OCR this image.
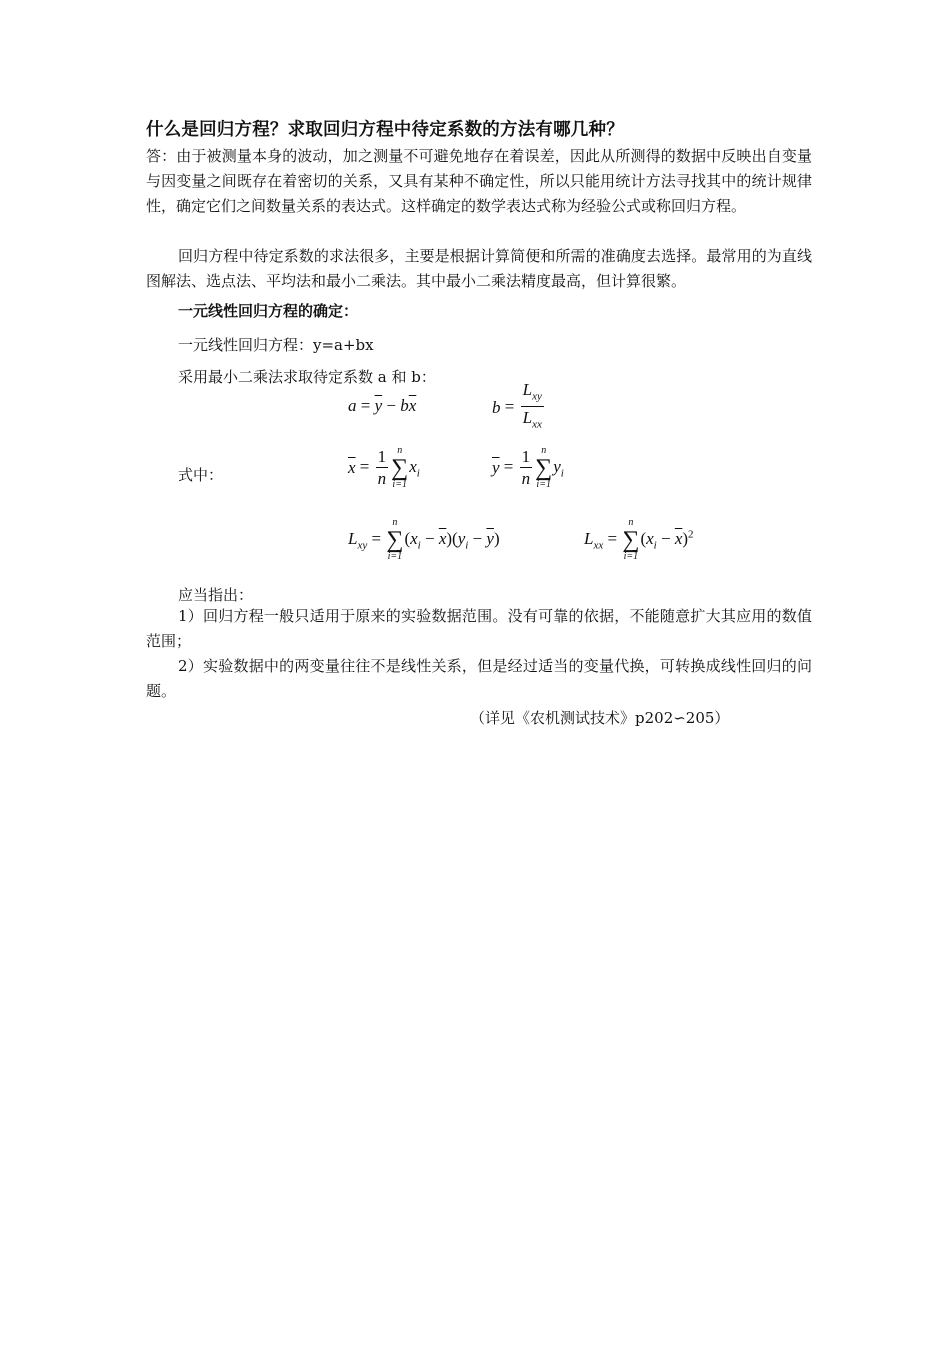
什么是回归方程？求取回归方程中待定系数的方法有哪几种？
答：由于被测量本身的波动，加之测量不可避免地存在着误差，因此从所测得的数据中反映出自变量与因变量之间既存在着密切的关系，又具有某种不确定性，所以只能用统计方法寻找其中的统计规律性，确定它们之间数量关系的表达式。这样确定的数学表达式称为经验公式或称回归方程。
回归方程中待定系数的求法很多，主要是根据计算简便和所需的准确度去选择。最常用的为直线图解法、选点法、平均法和最小二乘法。其中最小二乘法精度最高，但计算很繁。
一元线性回归方程的确定：
一元线性回归方程：y=a+bx
采用最小二乘法求取待定系数 a 和 b：
$a = \overline{y} - b\overline{x}$	$b = \frac{L_{xy}}{L_{xx}}$
式中：	$\overline{x} = \frac{1}{n}$ n
∑
i=1
$x_i$	$\overline{y} = \frac{1}{n}$ n
∑
i=1
$y_i$
$L_{xy}$ =
n
∑
i=1
$(x_i - \overline{x})(y_i - \overline{y})$	$L_{xx}$ =
n
∑
i=1
$(x_i - \overline{x})^2$
应当指出：
1）回归方程一般只适用于原来的实验数据范围。没有可靠的依据，不能随意扩大其应用的数值范围；
2）实验数据中的两变量往往不是线性关系，但是经过适当的变量代换，可转换成线性回归的问题。
（详见《农机测试技术》p202∽205）
